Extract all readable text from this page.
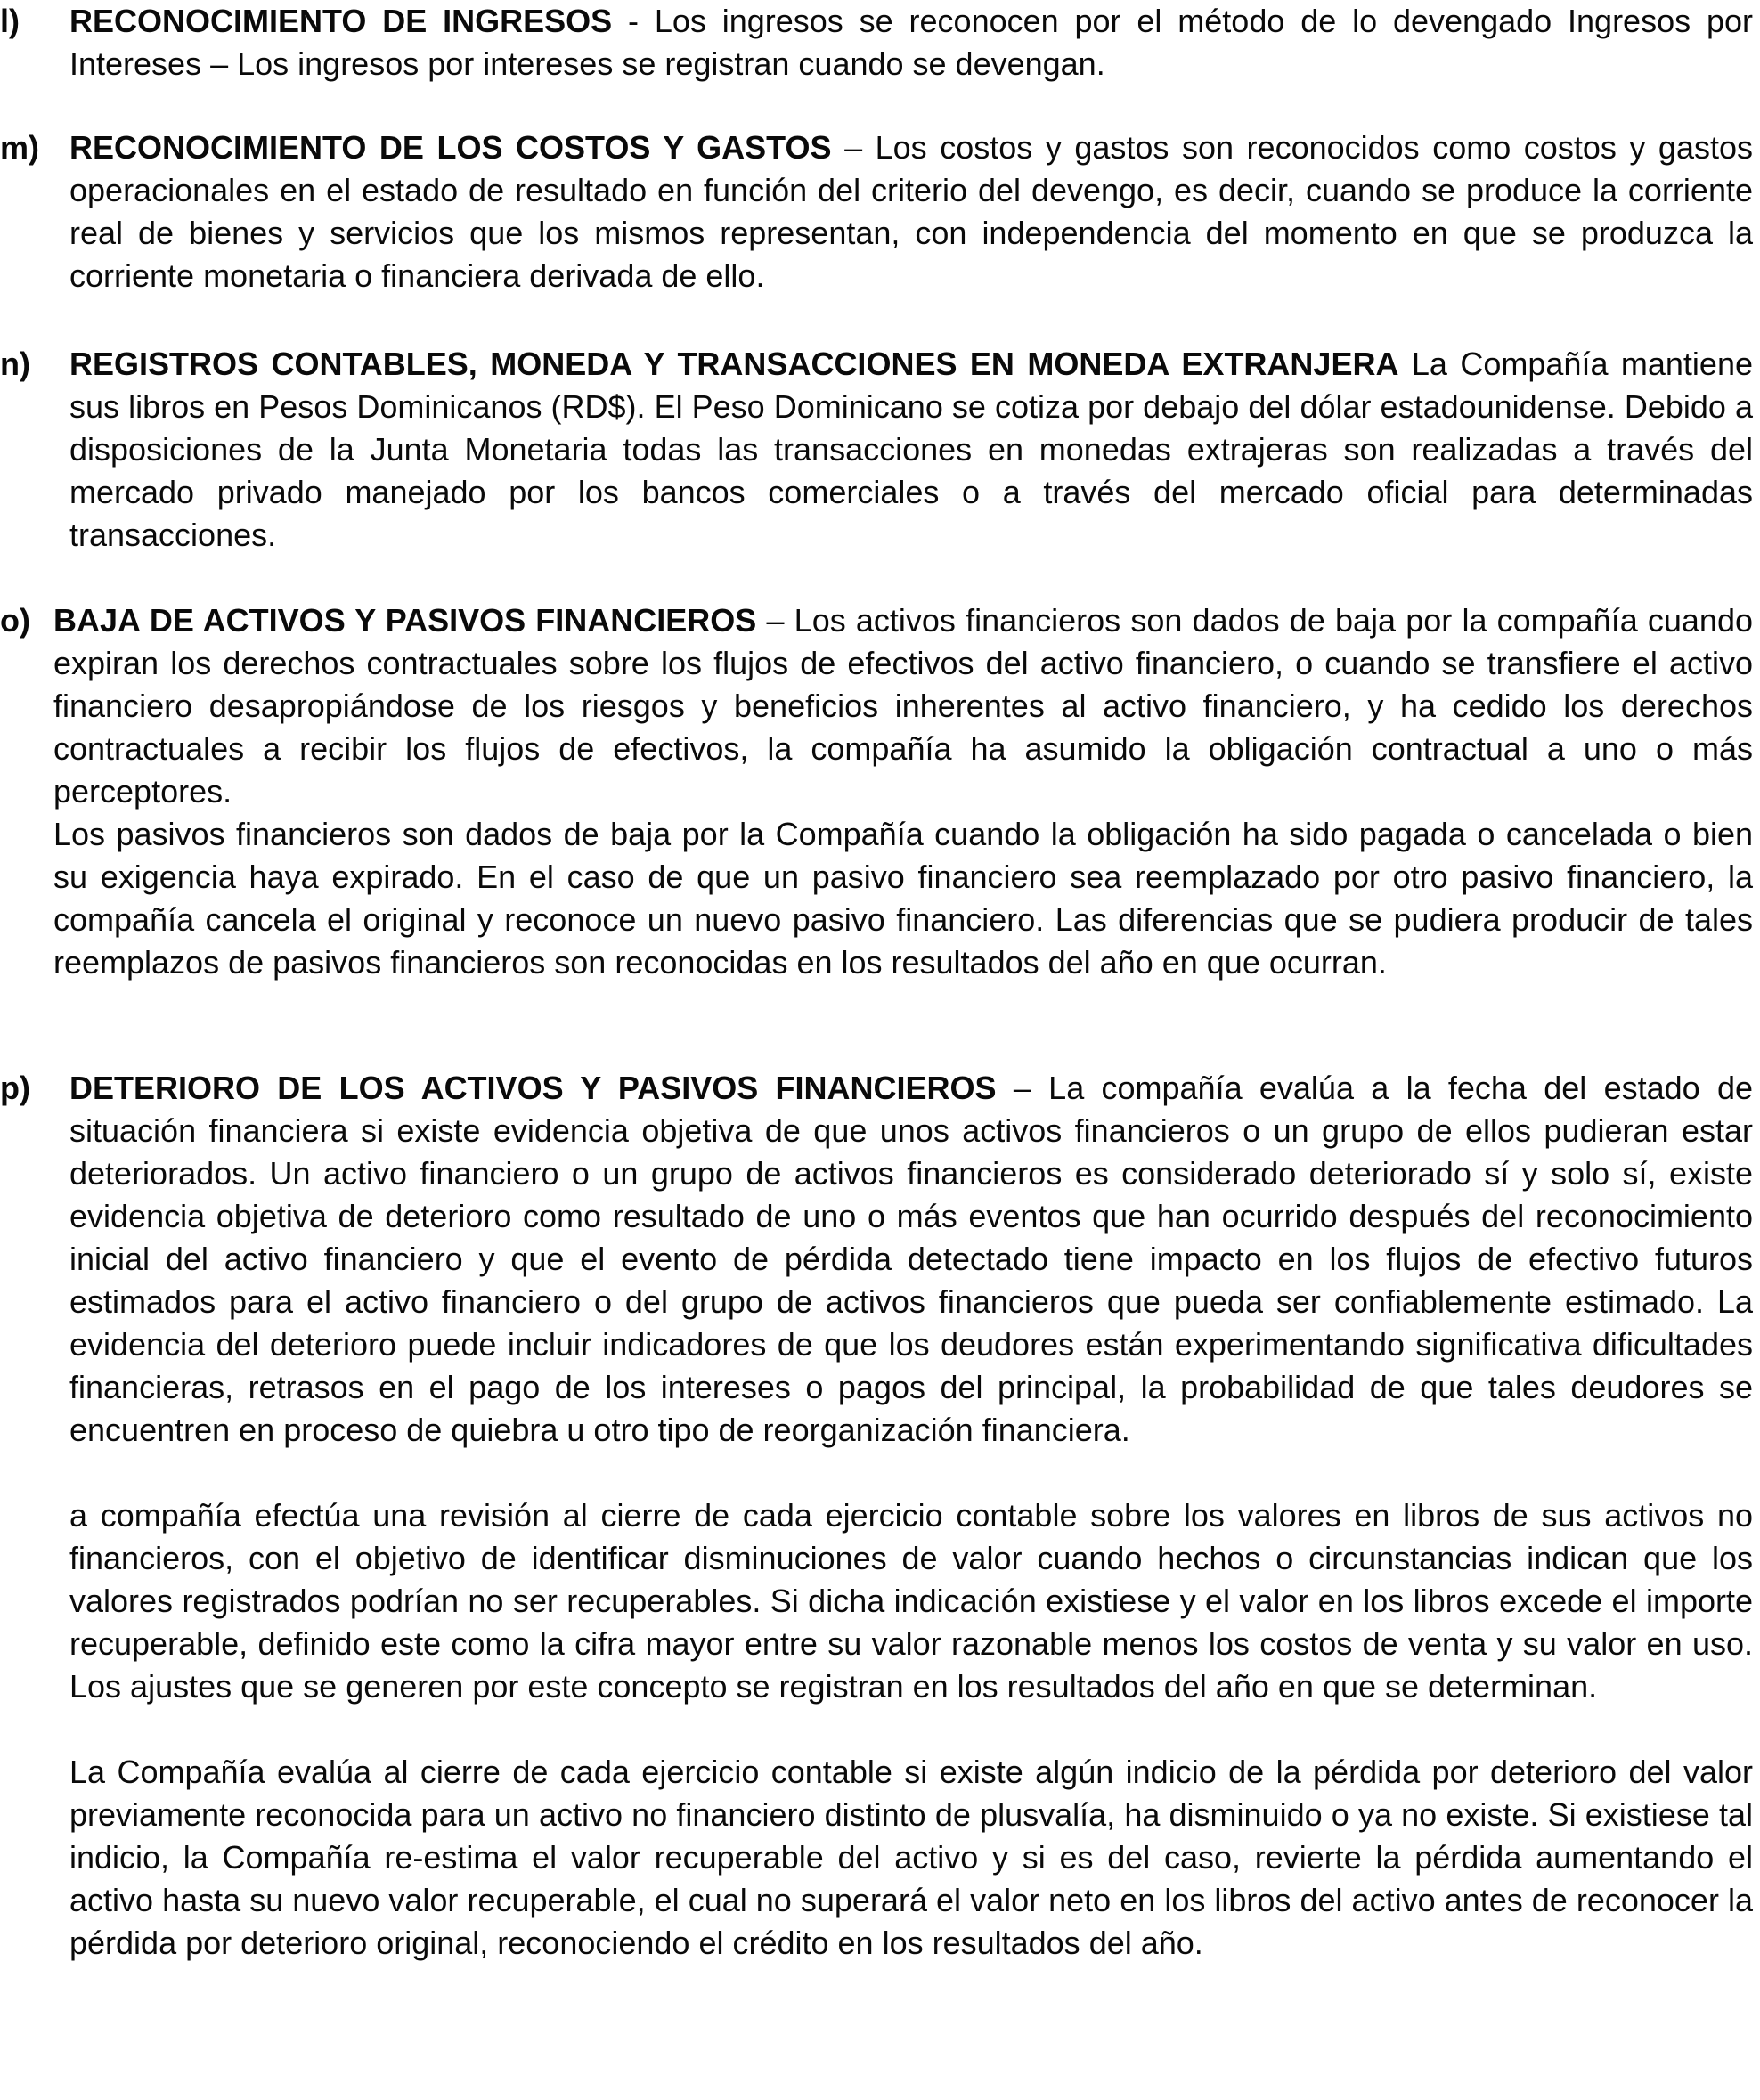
l) RECONOCIMIENTO DE INGRESOS - Los ingresos se reconocen por el método de lo devengado Ingresos por Intereses – Los ingresos por intereses se registran cuando se devengan.
m) RECONOCIMIENTO DE LOS COSTOS Y GASTOS – Los costos y gastos son reconocidos como costos y gastos operacionales en el estado de resultado en función del criterio del devengo, es decir, cuando se produce la corriente real de bienes y servicios que los mismos representan, con independencia del momento en que se produzca la corriente monetaria o financiera derivada de ello.
n) REGISTROS CONTABLES, MONEDA Y TRANSACCIONES EN MONEDA EXTRANJERA La Compañía mantiene sus libros en Pesos Dominicanos (RD$). El Peso Dominicano se cotiza por debajo del dólar estadounidense. Debido a disposiciones de la Junta Monetaria todas las transacciones en monedas extrajeras son realizadas a través del mercado privado manejado por los bancos comerciales o a través del mercado oficial para determinadas transacciones.
o) BAJA DE ACTIVOS Y PASIVOS FINANCIEROS – Los activos financieros son dados de baja por la compañía cuando expiran los derechos contractuales sobre los flujos de efectivos del activo financiero, o cuando se transfiere el activo financiero desapropiándose de los riesgos y beneficios inherentes al activo financiero, y ha cedido los derechos contractuales a recibir los flujos de efectivos, la compañía ha asumido la obligación contractual a uno o más perceptores.
Los pasivos financieros son dados de baja por la Compañía cuando la obligación ha sido pagada o cancelada o bien su exigencia haya expirado. En el caso de que un pasivo financiero sea reemplazado por otro pasivo financiero, la compañía cancela el original y reconoce un nuevo pasivo financiero. Las diferencias que se pudiera producir de tales reemplazos de pasivos financieros son reconocidas en los resultados del año en que ocurran.
p) DETERIORO DE LOS ACTIVOS Y PASIVOS FINANCIEROS – La compañía evalúa a la fecha del estado de situación financiera si existe evidencia objetiva de que unos activos financieros o un grupo de ellos pudieran estar deteriorados. Un activo financiero o un grupo de activos financieros es considerado deteriorado sí y solo sí, existe evidencia objetiva de deterioro como resultado de uno o más eventos que han ocurrido después del reconocimiento inicial del activo financiero y que el evento de pérdida detectado tiene impacto en los flujos de efectivo futuros estimados para el activo financiero o del grupo de activos financieros que pueda ser confiablemente estimado. La evidencia del deterioro puede incluir indicadores de que los deudores están experimentando significativa dificultades financieras, retrasos en el pago de los intereses o pagos del principal, la probabilidad de que tales deudores se encuentren en proceso de quiebra u otro tipo de reorganización financiera.
a compañía efectúa una revisión al cierre de cada ejercicio contable sobre los valores en libros de sus activos no financieros, con el objetivo de identificar disminuciones de valor cuando hechos o circunstancias indican que los valores registrados podrían no ser recuperables. Si dicha indicación existiese y el valor en los libros excede el importe recuperable, definido este como la cifra mayor entre su valor razonable menos los costos de venta y su valor en uso. Los ajustes que se generen por este concepto se registran en los resultados del año en que se determinan.
La Compañía evalúa al cierre de cada ejercicio contable si existe algún indicio de la pérdida por deterioro del valor previamente reconocida para un activo no financiero distinto de plusvalía, ha disminuido o ya no existe. Si existiese tal indicio, la Compañía re-estima el valor recuperable del activo y si es del caso, revierte la pérdida aumentando el activo hasta su nuevo valor recuperable, el cual no superará el valor neto en los libros del activo antes de reconocer la pérdida por deterioro original, reconociendo el crédito en los resultados del año.
